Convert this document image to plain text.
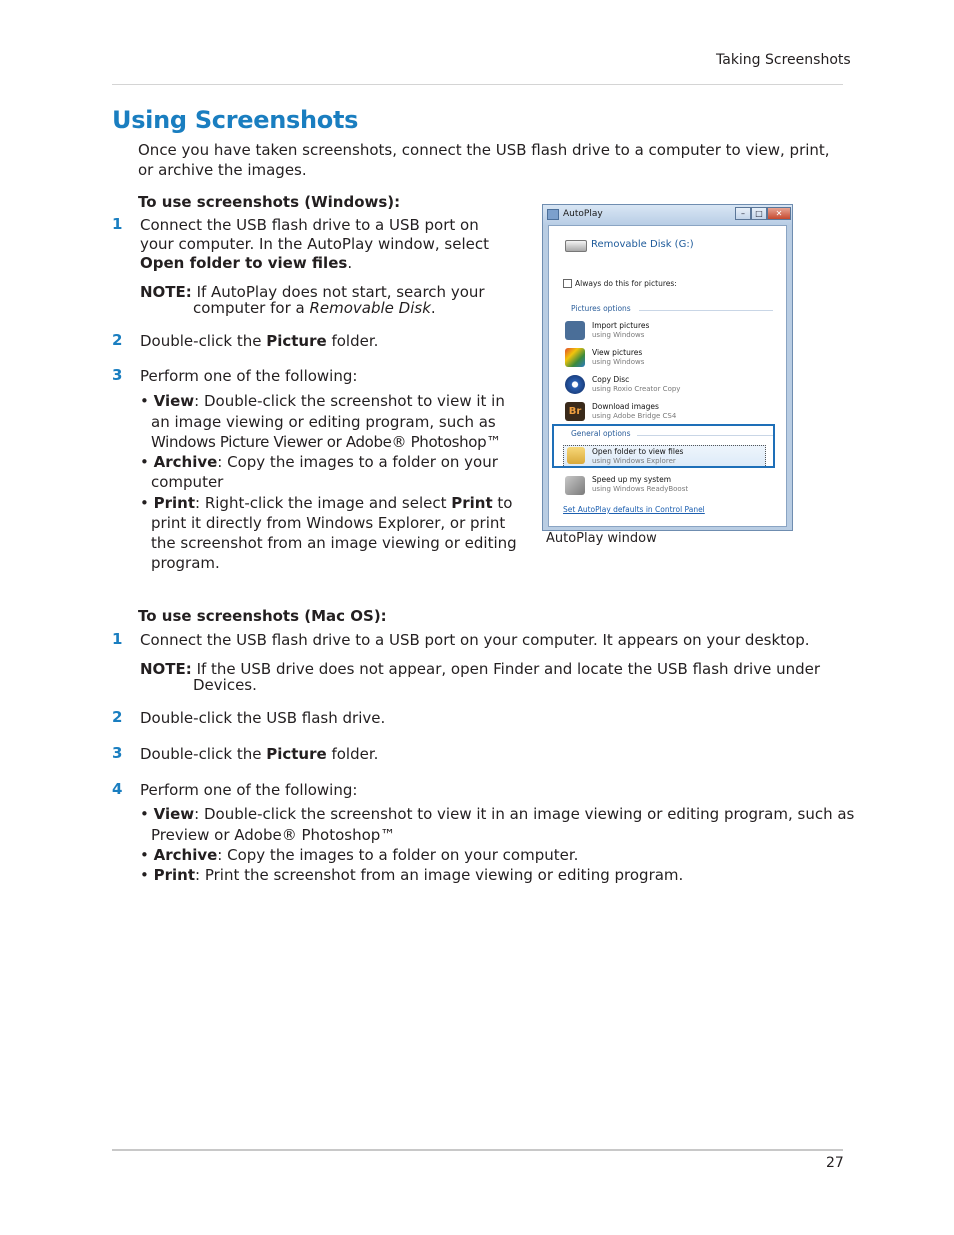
Taking Screenshots
Using Screenshots
Once you have taken screenshots, connect the USB flash drive to a computer to view, print,
or archive the images.
To use screenshots (Windows):
1 Connect the USB flash drive to a USB port on
your computer. In the AutoPlay window, select
Open folder to view files.
NOTE: If AutoPlay does not start, search your
computer for a Removable Disk.
2 Double-click the Picture folder.
3 Perform one of the following:
• View: Double-click the screenshot to view it in
an image viewing or editing program, such as
Windows Picture Viewer or Adobe® Photoshop™
• Archive: Copy the images to a folder on your
computer
• Print: Right-click the image and select Print to
print it directly from Windows Explorer, or print
the screenshot from an image viewing or editing
program.
AutoPlay	–	□	✕
Removable Disk (G:)
Always do this for pictures:
Pictures options
Import pictures
using Windows
View pictures
using Windows
Copy Disc
using Roxio Creator Copy
Br	Download images
using Adobe Bridge CS4
General options
Open folder to view files
using Windows Explorer
Speed up my system
using Windows ReadyBoost
Set AutoPlay defaults in Control Panel
AutoPlay window
To use screenshots (Mac OS):
1 Connect the USB flash drive to a USB port on your computer. It appears on your desktop.
NOTE: If the USB drive does not appear, open Finder and locate the USB flash drive under
Devices.
2 Double-click the USB flash drive.
3 Double-click the Picture folder.
4 Perform one of the following:
• View: Double-click the screenshot to view it in an image viewing or editing program, such as
Preview or Adobe® Photoshop™
• Archive: Copy the images to a folder on your computer.
• Print: Print the screenshot from an image viewing or editing program.
27
